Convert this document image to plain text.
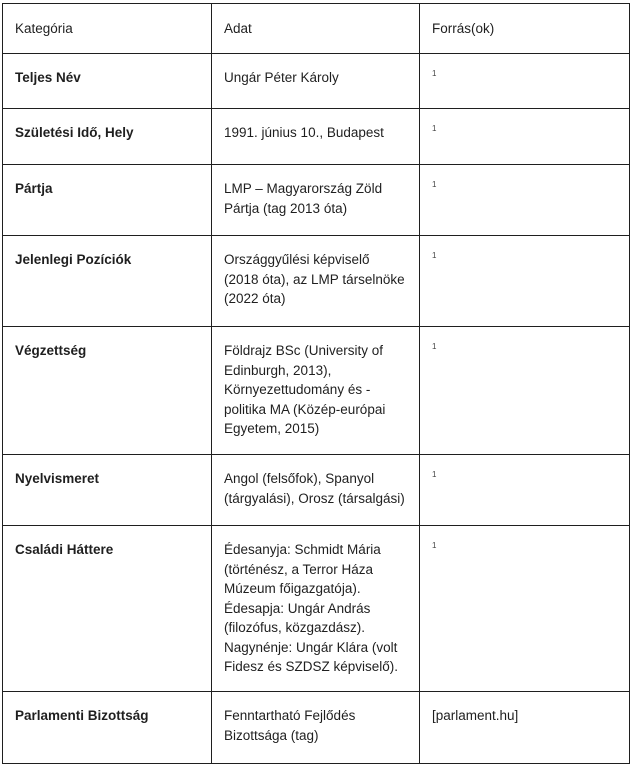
Kategória	Adat	Forrás(ok)
Teljes Név	Ungár Péter Károly	1
Születési Idő, Hely	1991. június 10., Budapest	1
Pártja	LMP – Magyarország Zöld Pártja (tag 2013 óta)	1
Jelenlegi Pozíciók	Országgyűlési képviselő (2018 óta), az LMP társelnöke (2022 óta)	1
Végzettség	Földrajz BSc (University of Edinburgh, 2013), Környezettudomány és -politika MA (Közép-európai Egyetem, 2015)	1
Nyelvismeret	Angol (felsőfok), Spanyol (tárgyalási), Orosz (társalgási)	1
Családi Háttere	Édesanyja: Schmidt Mária (történész, a Terror Háza Múzeum főigazgatója). Édesapja: Ungár András (filozófus, közgazdász). Nagynénje: Ungár Klára (volt Fidesz és SZDSZ képviselő).	1
Parlamenti Bizottság	Fenntartható Fejlődés Bizottsága (tag)	[parlament.hu]
